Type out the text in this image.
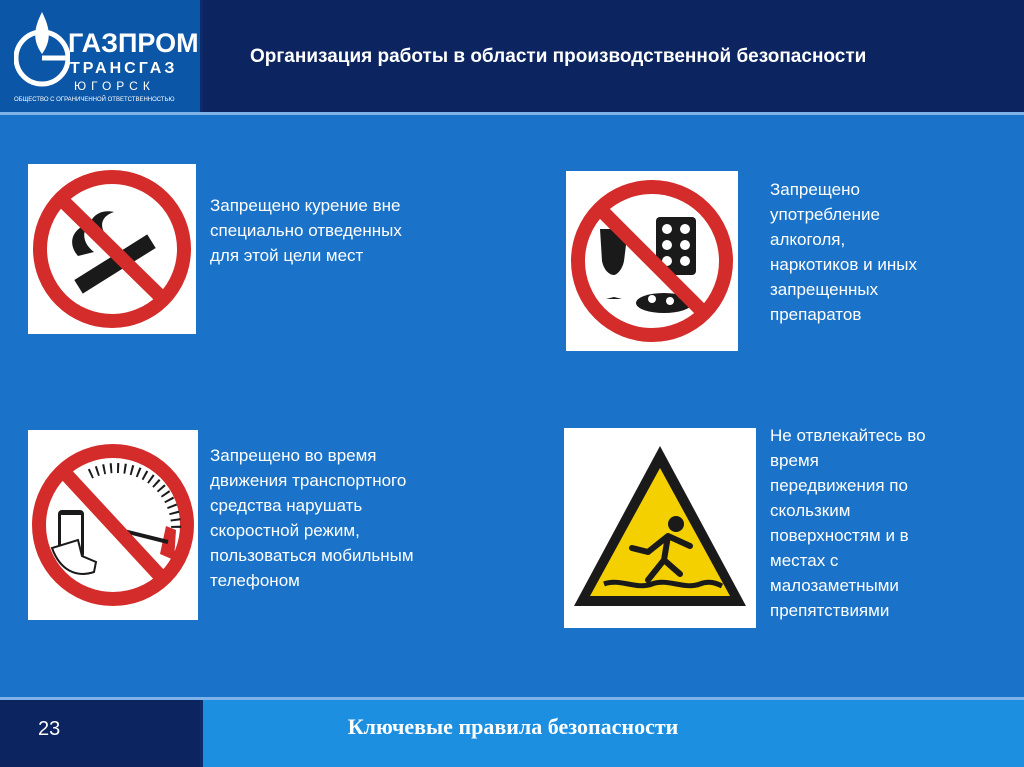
ГАЗПРОМ
ТРАНСГАЗ
ЮГОРСК
ОБЩЕСТВО С ОГРАНИЧЕННОЙ ОТВЕТСТВЕННОСТЬЮ
Организация работы в области производственной безопасности
Запрещено курение вне
специально отведенных
для этой цели мест
Запрещено
употребление
алкоголя,
наркотиков и иных
запрещенных
препаратов
Запрещено во время
движения транспортного
средства нарушать
скоростной режим,
пользоваться мобильным
телефоном
Не отвлекайтесь во
время
передвижения по
скользким
поверхностям и в
местах с
малозаметными
препятствиями
23	Ключевые правила безопасности
